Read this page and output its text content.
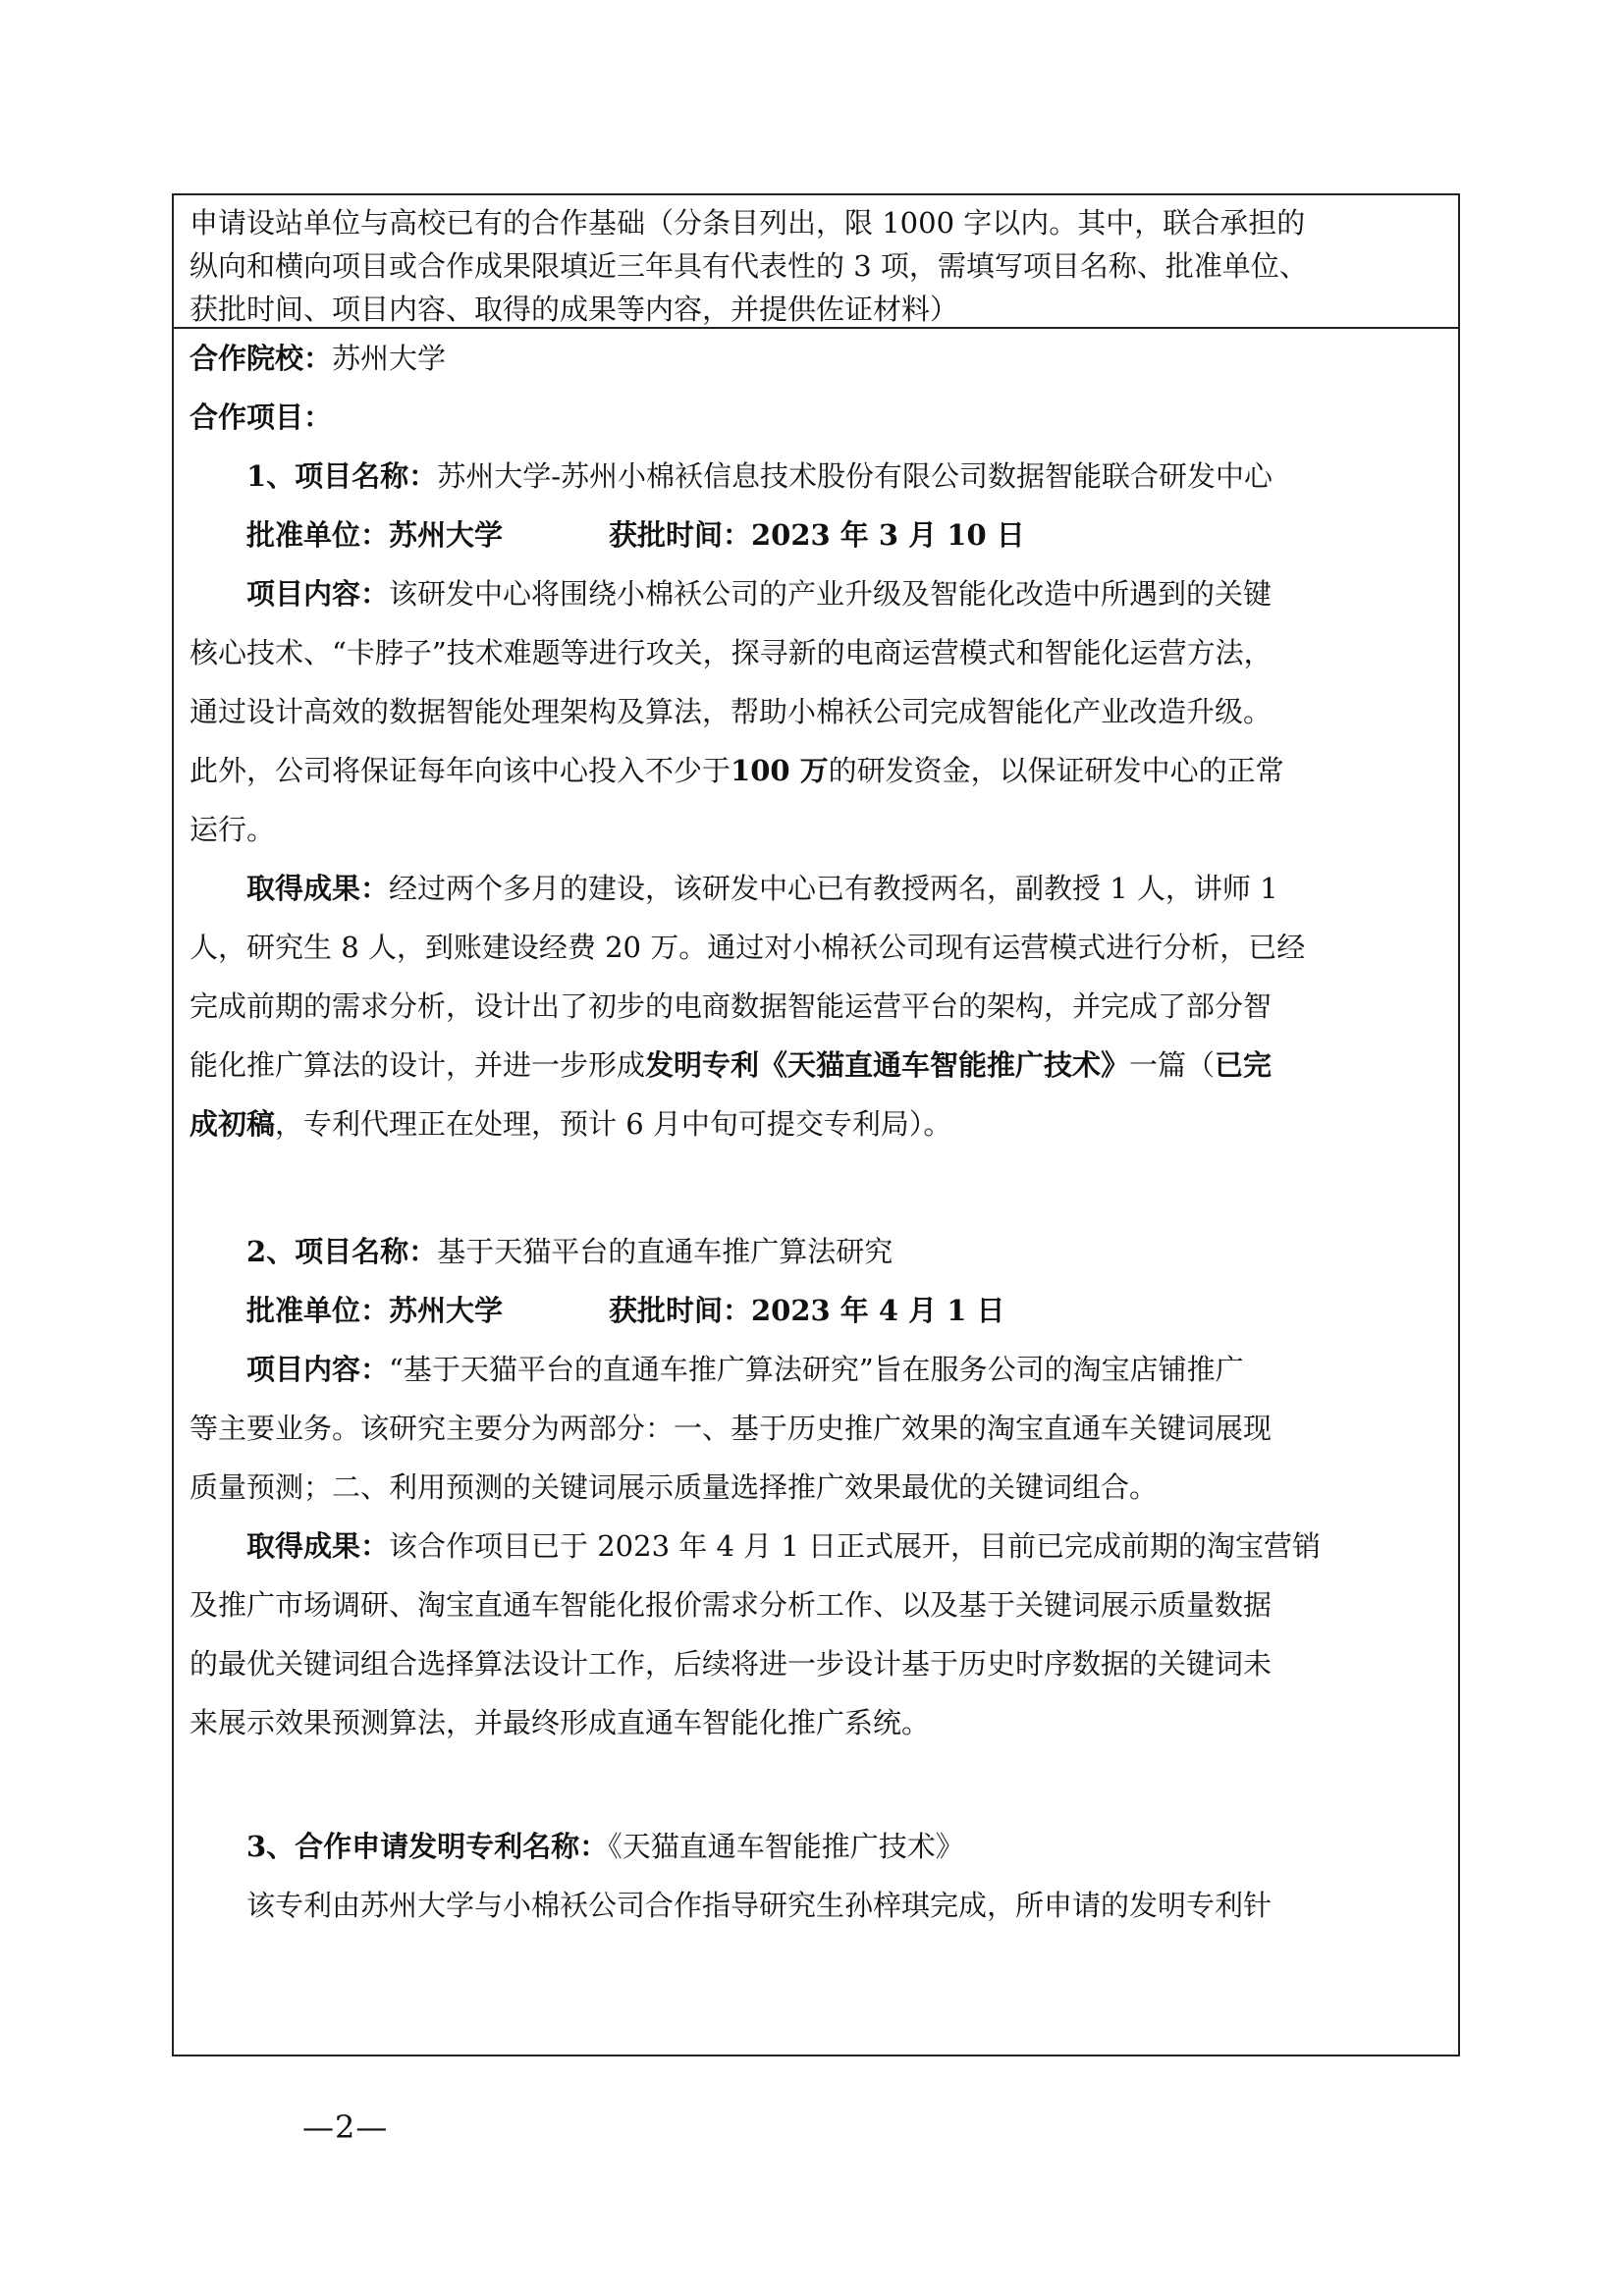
申请设站单位与高校已有的合作基础（分条目列出，限 1000 字以内。其中，联合承担的
纵向和横向项目或合作成果限填近三年具有代表性的 3 项，需填写项目名称、批准单位、
获批时间、项目内容、取得的成果等内容，并提供佐证材料）
合作院校：苏州大学
合作项目：
1、项目名称：苏州大学-苏州小棉袄信息技术股份有限公司数据智能联合研发中心
批准单位：苏州大学	获批时间：2023 年 3 月 10 日
项目内容：该研发中心将围绕小棉袄公司的产业升级及智能化改造中所遇到的关键
核心技术、“卡脖子”技术难题等进行攻关，探寻新的电商运营模式和智能化运营方法，
通过设计高效的数据智能处理架构及算法，帮助小棉袄公司完成智能化产业改造升级。
此外，公司将保证每年向该中心投入不少于100 万的研发资金，以保证研发中心的正常
运行。
取得成果：经过两个多月的建设，该研发中心已有教授两名，副教授 1 人，讲师 1
人，研究生 8 人，到账建设经费 20 万。通过对小棉袄公司现有运营模式进行分析，已经
完成前期的需求分析，设计出了初步的电商数据智能运营平台的架构，并完成了部分智
能化推广算法的设计，并进一步形成发明专利《天猫直通车智能推广技术》一篇（已完
成初稿，专利代理正在处理，预计 6 月中旬可提交专利局）。
2、项目名称：基于天猫平台的直通车推广算法研究
批准单位：苏州大学	获批时间：2023 年 4 月 1 日
项目内容：“基于天猫平台的直通车推广算法研究”旨在服务公司的淘宝店铺推广
等主要业务。该研究主要分为两部分：一、基于历史推广效果的淘宝直通车关键词展现
质量预测；二、利用预测的关键词展示质量选择推广效果最优的关键词组合。
取得成果：该合作项目已于 2023 年 4 月 1 日正式展开，目前已完成前期的淘宝营销
及推广市场调研、淘宝直通车智能化报价需求分析工作、以及基于关键词展示质量数据
的最优关键词组合选择算法设计工作，后续将进一步设计基于历史时序数据的关键词未
来展示效果预测算法，并最终形成直通车智能化推广系统。
3、合作申请发明专利名称：《天猫直通车智能推广技术》
该专利由苏州大学与小棉袄公司合作指导研究生孙梓琪完成，所申请的发明专利针
—2—
